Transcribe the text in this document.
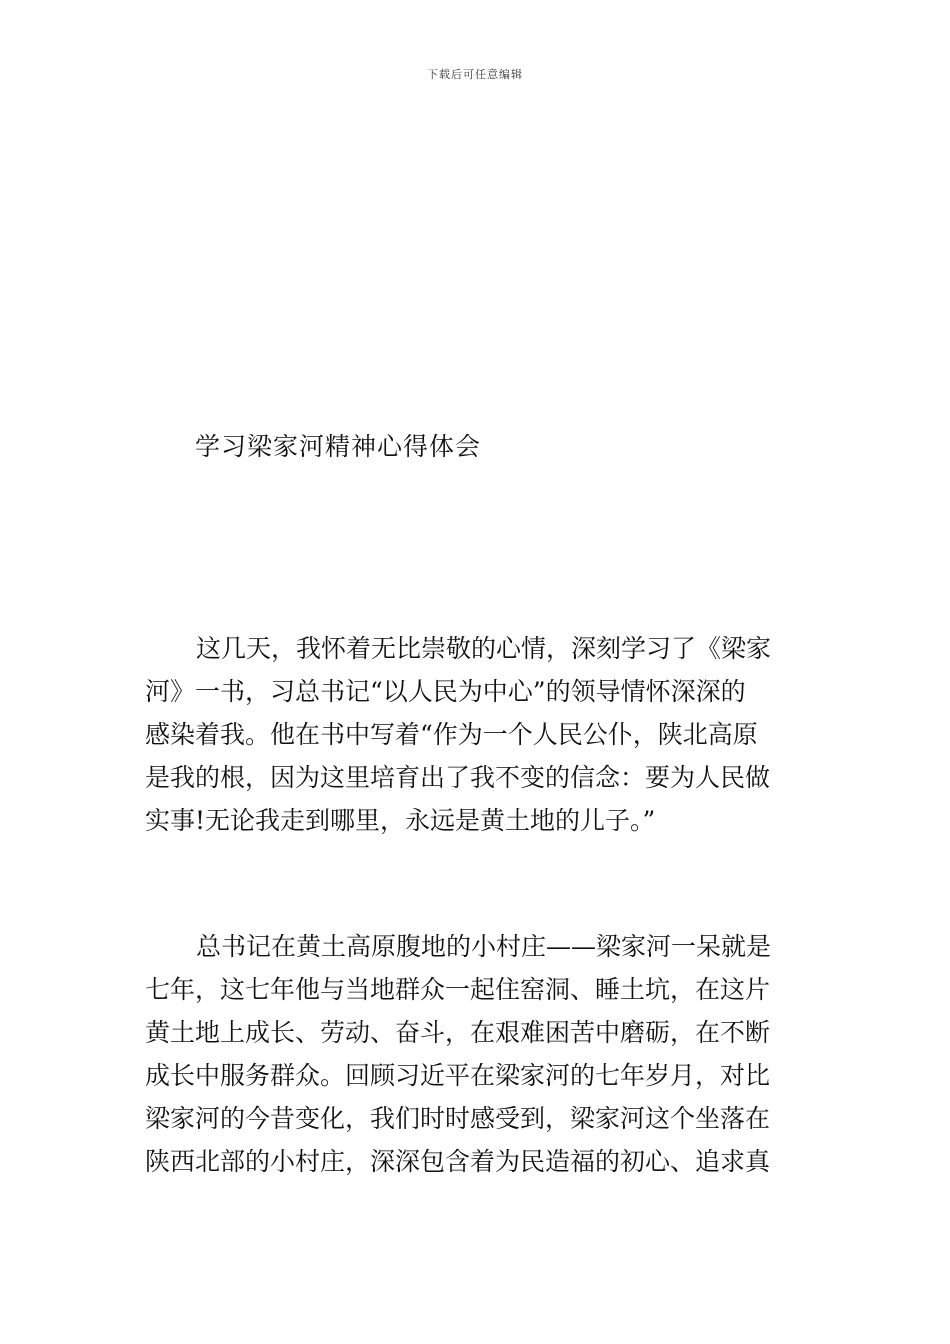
下载后可任意编辑
学习梁家河精神心得体会
这几天，我怀着无比崇敬的心情，深刻学习了《梁家
河》一书，习总书记“以人民为中心”的领导情怀深深的
感染着我。他在书中写着“作为一个人民公仆，陕北高原
是我的根，因为这里培育出了我不变的信念：要为人民做
实事!无论我走到哪里，永远是黄土地的儿子。”
总书记在黄土高原腹地的小村庄——梁家河一呆就是
七年，这七年他与当地群众一起住窑洞、睡土坑，在这片
黄土地上成长、劳动、奋斗，在艰难困苦中磨砺，在不断
成长中服务群众。回顾习近平在梁家河的七年岁月，对比
梁家河的今昔变化，我们时时感受到，梁家河这个坐落在
陕西北部的小村庄，深深包含着为民造福的初心、追求真
